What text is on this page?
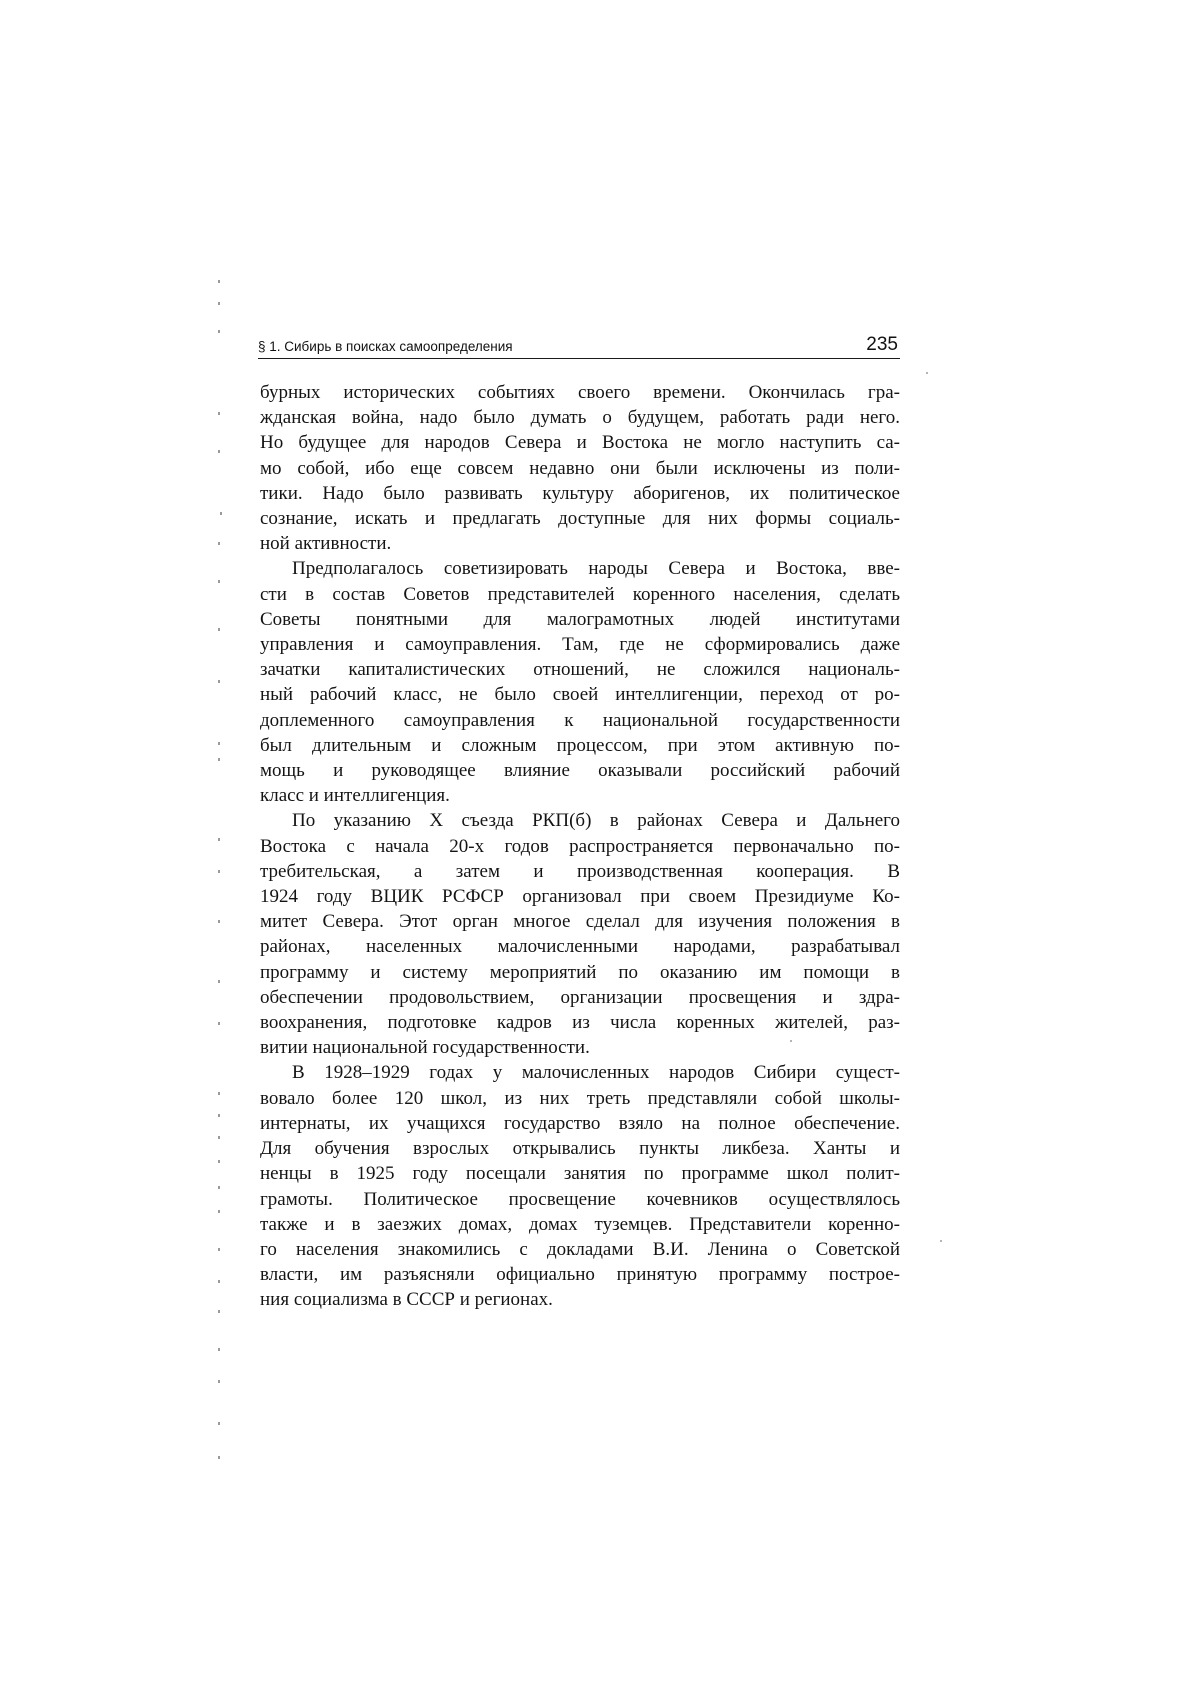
§ 1. Сибирь в поисках самоопределения	235
бурных исторических событиях своего времени. Окончилась гра-
жданская война, надо было думать о будущем, работать ради него.
Но будущее для народов Севера и Востока не могло наступить са-
мо собой, ибо еще совсем недавно они были исключены из поли-
тики. Надо было развивать культуру аборигенов, их политическое
сознание, искать и предлагать доступные для них формы социаль-
ной активности.
Предполагалось советизировать народы Севера и Востока, вве-
сти в состав Советов представителей коренного населения, сделать
Советы понятными для малограмотных людей институтами
управления и самоуправления. Там, где не сформировались даже
зачатки капиталистических отношений, не сложился националь-
ный рабочий класс, не было своей интеллигенции, переход от ро-
доплеменного самоуправления к национальной государственности
был длительным и сложным процессом, при этом активную по-
мощь и руководящее влияние оказывали российский рабочий
класс и интеллигенция.
По указанию X съезда РКП(б) в районах Севера и Дальнего
Востока с начала 20-х годов распространяется первоначально по-
требительская, а затем и производственная кооперация. В
1924 году ВЦИК РСФСР организовал при своем Президиуме Ко-
митет Севера. Этот орган многое сделал для изучения положения в
районах, населенных малочисленными народами, разрабатывал
программу и систему мероприятий по оказанию им помощи в
обеспечении продовольствием, организации просвещения и здра-
воохранения, подготовке кадров из числа коренных жителей, раз-
витии национальной государственности.
В 1928–1929 годах у малочисленных народов Сибири сущест-
вовало более 120 школ, из них треть представляли собой школы-
интернаты, их учащихся государство взяло на полное обеспечение.
Для обучения взрослых открывались пункты ликбеза. Ханты и
ненцы в 1925 году посещали занятия по программе школ полит-
грамоты. Политическое просвещение кочевников осуществлялось
также и в заезжих домах, домах туземцев. Представители коренно-
го населения знакомились с докладами В.И. Ленина о Советской
власти, им разъясняли официально принятую программу построе-
ния социализма в СССР и регионах.
